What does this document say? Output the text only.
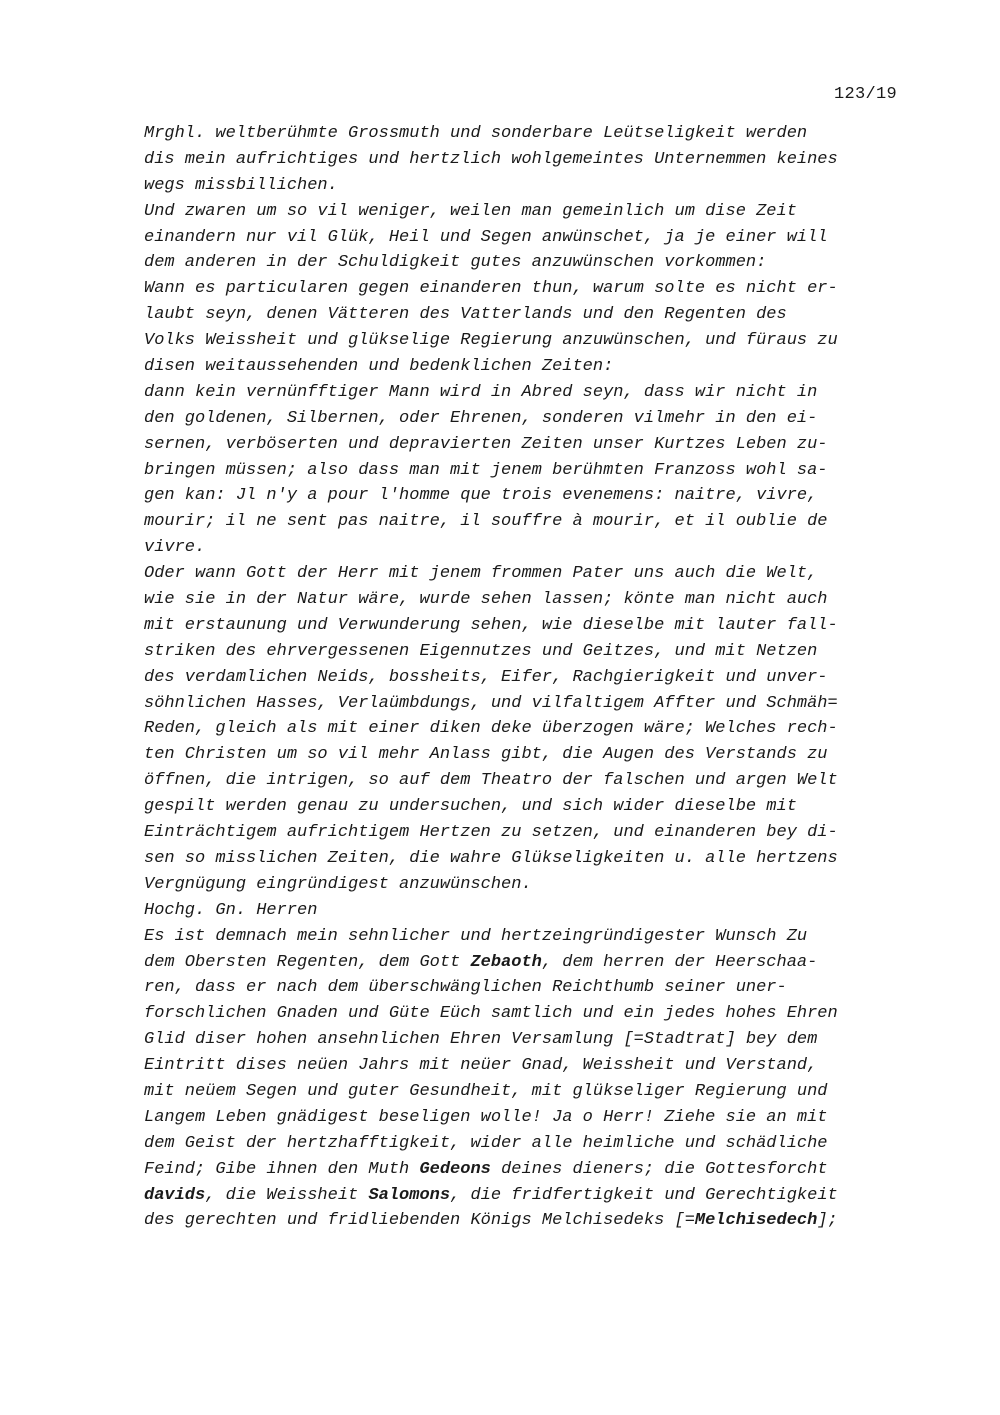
123/19
Mrghl. weltberühmte Grossmuth und sonderbare Leütseligkeit werden
dis mein aufrichtiges und hertzlich wohlgemeintes Unternemmen keines
wegs missbillichen.
Und zwaren um so vil weniger, weilen man gemeinlich um dise Zeit
einandern nur vil Glük, Heil und Segen anwünschet, ja je einer will
dem anderen in der Schuldigkeit gutes anzuwünschen vorkommen:
Wann es particularen gegen einanderen thun, warum solte es nicht er-
laubt seyn, denen Vätteren des Vatterlands und den Regenten des
Volks Weissheit und glükselige Regierung anzuwünschen, und füraus zu
disen weitaussehenden und bedenklichen Zeiten:
dann kein vernünfftiger Mann wird in Abred seyn, dass wir nicht in
den goldenen, Silbernen, oder Ehrenen, sonderen vilmehr in den ei-
sernen, verböserten und depravierten Zeiten unser Kurtzes Leben zu-
bringen müssen; also dass man mit jenem berühmten Franzoss wohl sa-
gen kan: Jl n'y a pour l'homme que trois evenemens: naitre, vivre,
mourir; il ne sent pas naitre, il souffre à mourir, et il oublie de
vivre.
Oder wann Gott der Herr mit jenem frommen Pater uns auch die Welt,
wie sie in der Natur wäre, wurde sehen lassen; könte man nicht auch
mit erstaunung und Verwunderung sehen, wie dieselbe mit lauter fall-
striken des ehrvergessenen Eigennutzes und Geitzes, und mit Netzen
des verdamlichen Neids, bossheits, Eifer, Rachgierigkeit und unver-
söhnlichen Hasses, Verlaümbdungs, und vilfaltigem Affter und Schmäh=
Reden, gleich als mit einer diken deke überzogen wäre; Welches rech-
ten Christen um so vil mehr Anlass gibt, die Augen des Verstands zu
öffnen, die intrigen, so auf dem Theatro der falschen und argen Welt
gespilt werden genau zu undersuchen, und sich wider dieselbe mit
Einträchtigem aufrichtigem Hertzen zu setzen, und einanderen bey di-
sen so misslichen Zeiten, die wahre Glükseligkeiten u. alle hertzens
Vergnügung eingründigest anzuwünschen.
Hochg. Gn. Herren
Es ist demnach mein sehnlicher und hertzeingründigester Wunsch Zu
dem Obersten Regenten, dem Gott Zebaoth, dem herren der Heerschaa-
ren, dass er nach dem überschwänglichen Reichthumb seiner uner-
forschlichen Gnaden und Güte Eüch samtlich und ein jedes hohes Ehren
Glid diser hohen ansehnlichen Ehren Versamlung [=Stadtrat] bey dem
Eintritt dises neüen Jahrs mit neüer Gnad, Weissheit und Verstand,
mit neüem Segen und guter Gesundheit, mit glükseliger Regierung und
Langem Leben gnädigest beseligen wolle! Ja o Herr! Ziehe sie an mit
dem Geist der hertzhafftigkeit, wider alle heimliche und schädliche
Feind; Gibe ihnen den Muth Gedeons deines dieners; die Gottesforcht
davids, die Weissheit Salomons, die fridfertigkeit und Gerechtigkeit
des gerechten und fridliebenden Königs Melchisedeks [=Melchisedech];
